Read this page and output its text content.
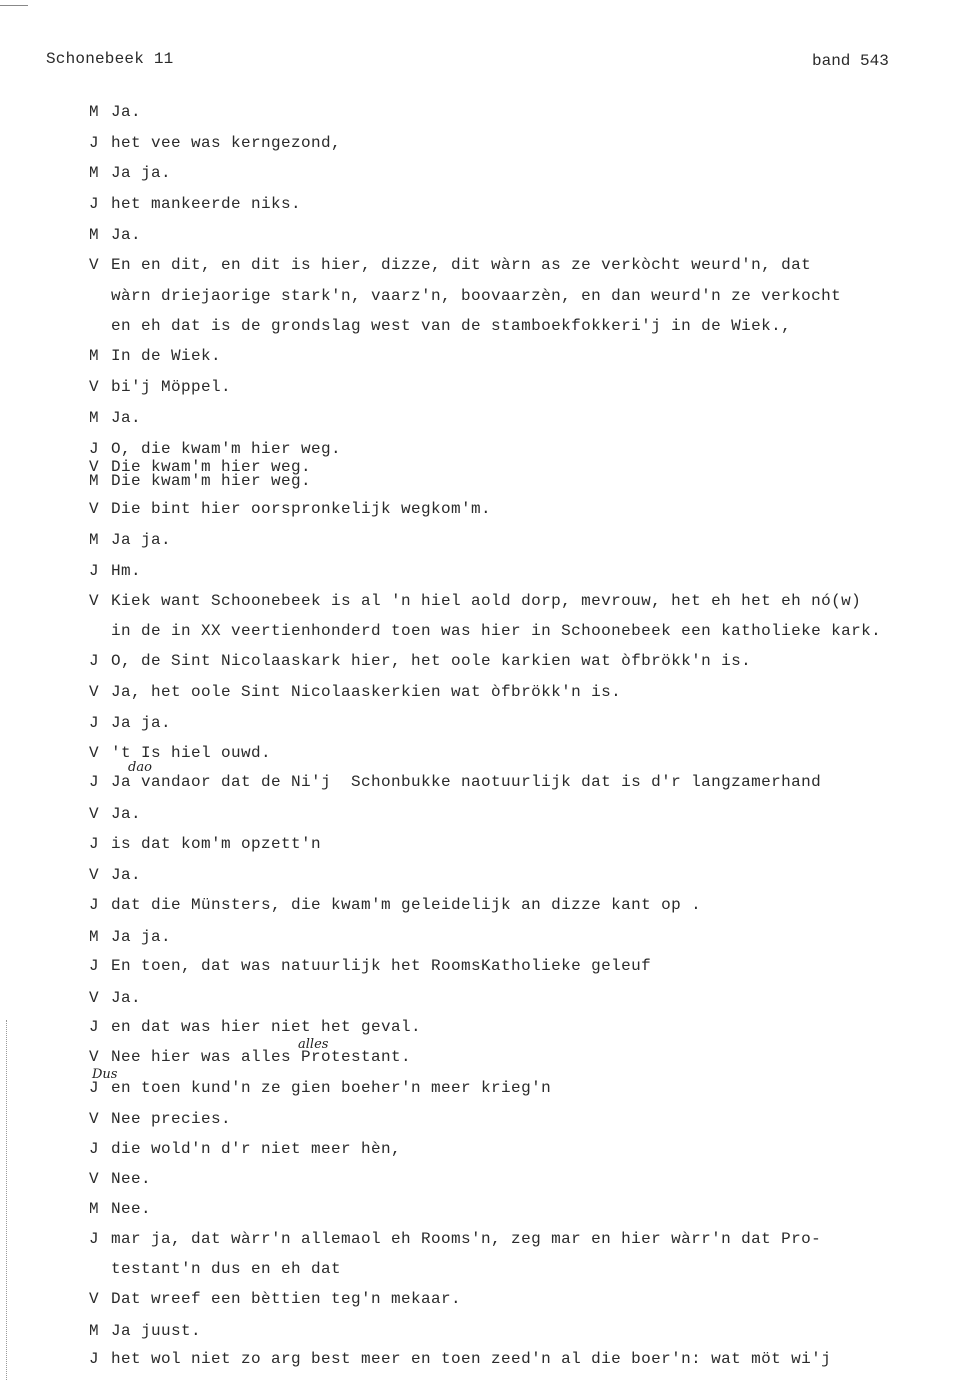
Schonebeek 11	band 543
M Ja.
J het vee was kerngezond,
M Ja ja.
J het mankeerde niks.
M Ja.
V En en dit, en dit is hier, dizze, dit wàrn as ze verkòcht weurd'n, dat
wàrn driejaorige stark'n, vaarz'n, boovaarzèn, en dan weurd'n ze verkocht
en eh dat is de grondslag west van de stamboekfokkeri'j in de Wiek.,
M In de Wiek.
V bi'j Möppel.
M Ja.
J O, die kwam'm hier weg.
V Die kwam'm hier weg.
M Die kwam'm hier weg.
V Die bint hier oorspronkelijk wegkom'm.
M Ja ja.
J Hm.
V Kiek want Schoonebeek is al 'n hiel aold dorp, mevrouw, het eh het eh nó(w)
in de in XX veertienhonderd toen was hier in Schoonebeek een katholieke kark.
J O, de Sint Nicolaaskark hier, het oole karkien wat òfbrökk'n is.
V Ja, het oole Sint Nicolaaskerkien wat òfbrökk'n is.
J Ja ja.
V 't Is hiel ouwd.
J Ja vandaor dat de Ni'j  Schonbukke naotuurlijk dat is d'r langzamerhand
V Ja.
J is dat kom'm opzett'n
V Ja.
J dat die Münsters, die kwam'm geleidelijk an dizze kant op .
M Ja ja.
J En toen, dat was natuurlijk het RoomsKatholieke geleuf
V Ja.
J en dat was hier niet het geval.
V Nee hier was alles Protestant.
J en toen kund'n ze gien boeher'n meer krieg'n
V Nee precies.
J die wold'n d'r niet meer hèn,
V Nee.
M Nee.
J mar ja, dat wàrr'n allemaol eh Rooms'n, zeg mar en hier wàrr'n dat Pro-
testant'n dus en eh dat
V Dat wreef een bèttien teg'n mekaar.
M Ja juust.
J het wol niet zo arg best meer en toen zeed'n al die boer'n: wat möt wi'j
dao
alles
Dus
